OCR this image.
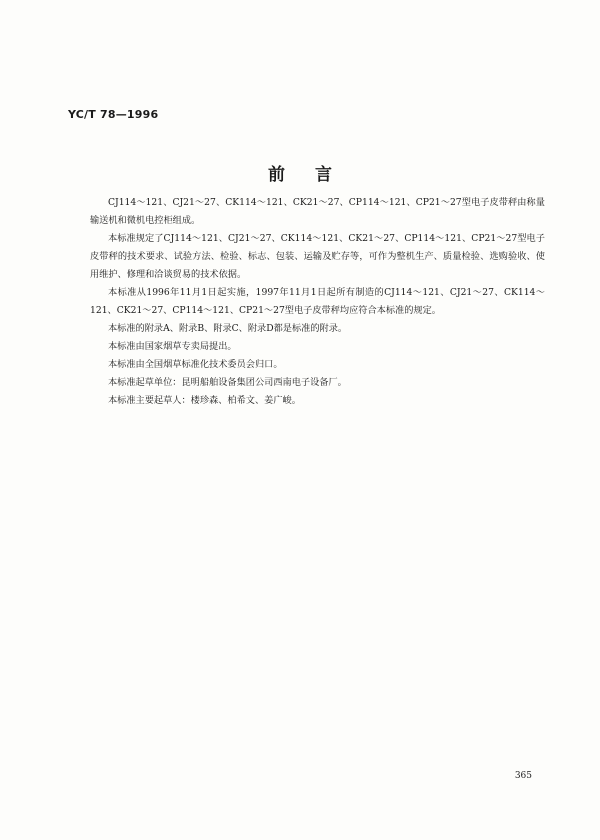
YC/T 78—1996
前言

CJ114～121、CJ21～27、CK114～121、CK21～27、CP114～121、CP21～27型电子皮带秤由称量输送机和微机电控柜组成。

本标准规定了CJ114～121、CJ21～27、CK114～121、CK21～27、CP114～121、CP21～27型电子皮带秤的技术要求、试验方法、检验、标志、包装、运输及贮存等，可作为整机生产、质量检验、选购验收、使用维护、修理和洽谈贸易的技术依据。

本标准从1996年11月1日起实施，1997年11月1日起所有制造的CJ114～121、CJ21～27、CK114～121、CK21～27、CP114～121、CP21～27型电子皮带秤均应符合本标准的规定。

本标准的附录A、附录B、附录C、附录D都是标准的附录。

本标准由国家烟草专卖局提出。

本标准由全国烟草标准化技术委员会归口。

本标准起草单位：昆明船舶设备集团公司西南电子设备厂。

本标准主要起草人：楼珍森、柏希文、姜广峻。

365
